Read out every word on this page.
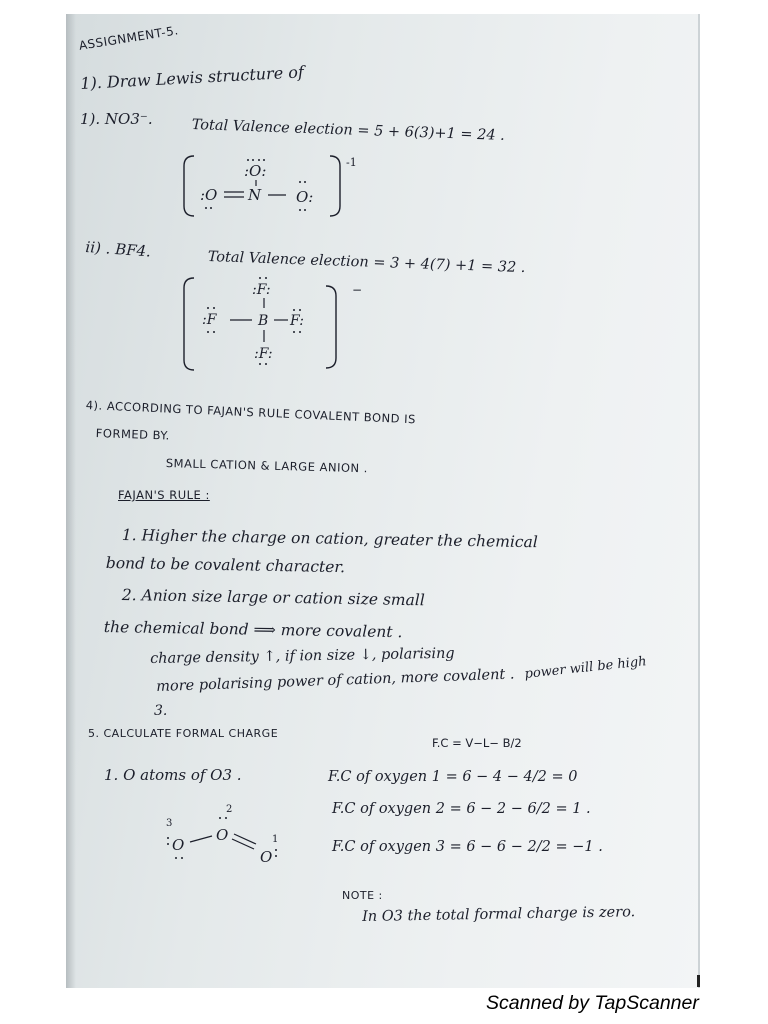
ASSIGNMENT-5.
1). Draw Lewis structure of
1). NO3⁻.	Total Valence election = 5 + 6(3)+1 = 24 .
:O:
:O N O:
-1
ii) . BF4.	Total Valence election = 3 + 4(7) +1 = 32 .
:F:
:F	B F:
:F:
−
4). ACCORDING TO FAJAN'S RULE COVALENT BOND IS
FORMED BY.
SMALL CATION & LARGE ANION .
FAJAN'S RULE :
1. Higher the charge on cation, greater the chemical
bond to be covalent character.
2. Anion size large or cation size small
the chemical bond ⟹ more covalent .
charge density ↑, if ion size ↓, polarising	power will be high
more polarising power of cation, more covalent .
3.
5. CALCULATE FORMAL CHARGE
F.C = V−L− B/2
1. O atoms of O3 .	F.C of oxygen 1 = 6 − 4 − 4/2 = 0
F.C of oxygen 2 = 6 − 2 − 6/2 = 1 .
F.C of oxygen 3 = 6 − 6 − 2/2 = −1 .
3
2
1
O
O
O
NOTE :
In O3 the total formal charge is zero.
Scanned by TapScanner
